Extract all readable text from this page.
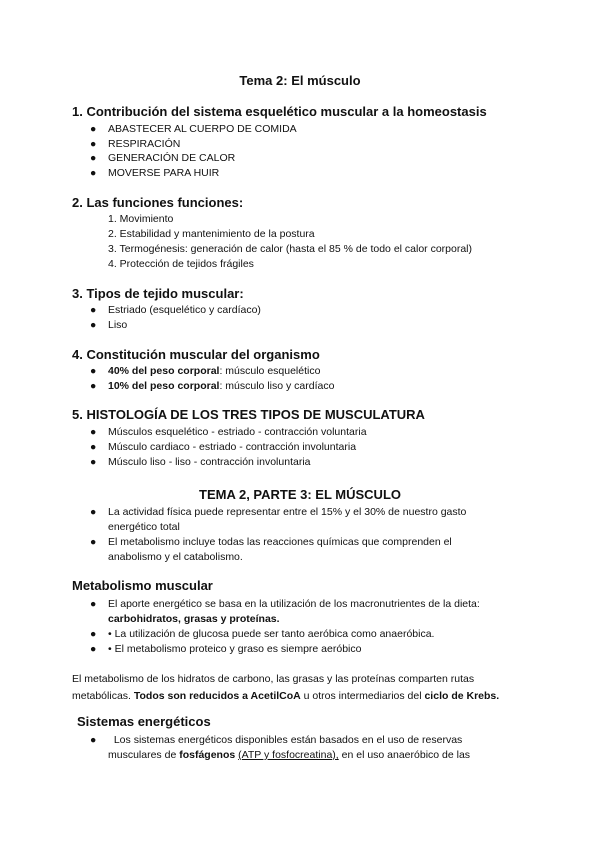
Tema 2: El músculo
1. Contribución del sistema esquelético muscular a la homeostasis
● ABASTECER AL CUERPO DE COMIDA
● RESPIRACIÓN
● GENERACIÓN DE CALOR
● MOVERSE PARA HUIR
2. Las funciones funciones:
1. Movimiento
2. Estabilidad y mantenimiento de la postura
3. Termogénesis: generación de calor (hasta el 85 % de todo el calor corporal)
4. Protección de tejidos frágiles
3. Tipos de tejido muscular:
● Estriado (esquelético y cardíaco)
● Liso
4. Constitución muscular del organismo
● 40% del peso corporal: músculo esquelético
● 10% del peso corporal: músculo liso y cardíaco
5. HISTOLOGÍA DE LOS TRES TIPOS DE MUSCULATURA
● Músculos esquelético - estriado - contracción voluntaria
● Músculo cardiaco - estriado - contracción involuntaria
● Músculo liso - liso - contracción involuntaria
TEMA 2, PARTE 3: EL MÚSCULO
● La actividad física puede representar entre el 15% y el 30% de nuestro gasto
energético total
● El metabolismo incluye todas las reacciones químicas que comprenden el
anabolismo y el catabolismo.
Metabolismo muscular
● El aporte energético se basa en la utilización de los macronutrientes de la dieta:
carbohidratos, grasas y proteínas.
● • La utilización de glucosa puede ser tanto aeróbica como anaeróbica.
● • El metabolismo proteico y graso es siempre aeróbico
El metabolismo de los hidratos de carbono, las grasas y las proteínas comparten rutas
metabólicas. Todos son reducidos a AcetilCoA u otros intermediarios del ciclo de Krebs.
Sistemas energéticos
● Los sistemas energéticos disponibles están basados en el uso de reservas
musculares de fosfágenos (ATP y fosfocreatina), en el uso anaeróbico de las
